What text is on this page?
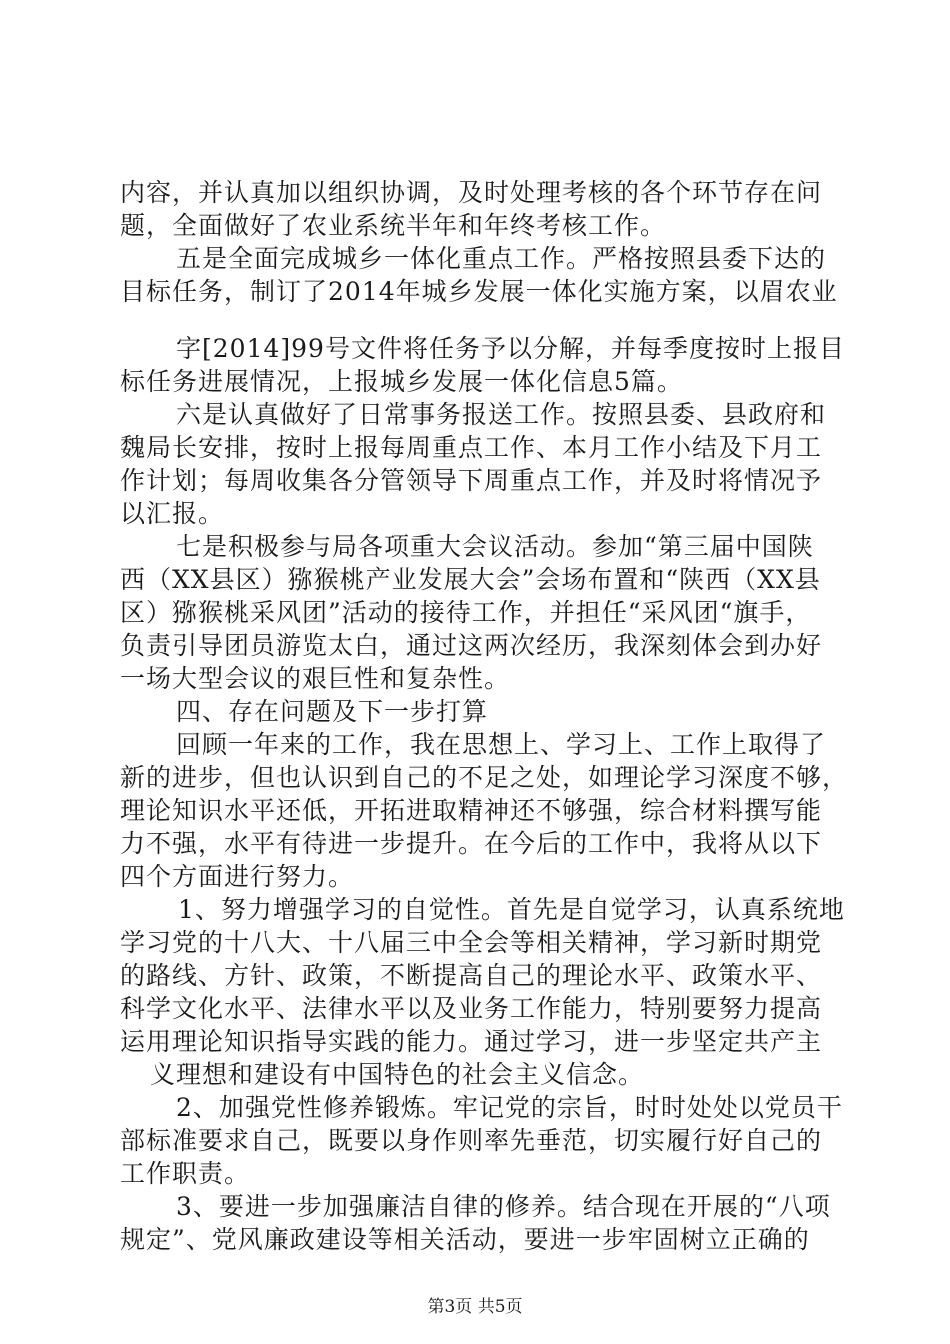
内容，并认真加以组织协调，及时处理考核的各个环节存在问
题，全面做好了农业系统半年和年终考核工作。
五是全面完成城乡一体化重点工作。严格按照县委下达的
目标任务，制订了2014年城乡发展一体化实施方案，以眉农业
字[2014]99号文件将任务予以分解，并每季度按时上报目
标任务进展情况，上报城乡发展一体化信息5篇。
六是认真做好了日常事务报送工作。按照县委、县政府和
魏局长安排，按时上报每周重点工作、本月工作小结及下月工
作计划；每周收集各分管领导下周重点工作，并及时将情况予
以汇报。
七是积极参与局各项重大会议活动。参加“第三届中国陕
西（XX县区）猕猴桃产业发展大会”会场布置和“陕西（XX县
区）猕猴桃采风团”活动的接待工作，并担任“采风团“旗手，
负责引导团员游览太白，通过这两次经历，我深刻体会到办好
一场大型会议的艰巨性和复杂性。
四、存在问题及下一步打算
回顾一年来的工作，我在思想上、学习上、工作上取得了
新的进步，但也认识到自己的不足之处，如理论学习深度不够，
理论知识水平还低，开拓进取精神还不够强，综合材料撰写能
力不强，水平有待进一步提升。在今后的工作中，我将从以下
四个方面进行努力。
1、努力增强学习的自觉性。首先是自觉学习，认真系统地
学习党的十八大、十八届三中全会等相关精神，学习新时期党
的路线、方针、政策，不断提高自己的理论水平、政策水平、
科学文化水平、法律水平以及业务工作能力，特别要努力提高
运用理论知识指导实践的能力。通过学习，进一步坚定共产主
义理想和建设有中国特色的社会主义信念。
2、加强党性修养锻炼。牢记党的宗旨，时时处处以党员干
部标准要求自己，既要以身作则率先垂范，切实履行好自己的
工作职责。
3、要进一步加强廉洁自律的修养。结合现在开展的“八项
规定”、党风廉政建设等相关活动，要进一步牢固树立正确的
第3页 共5页
